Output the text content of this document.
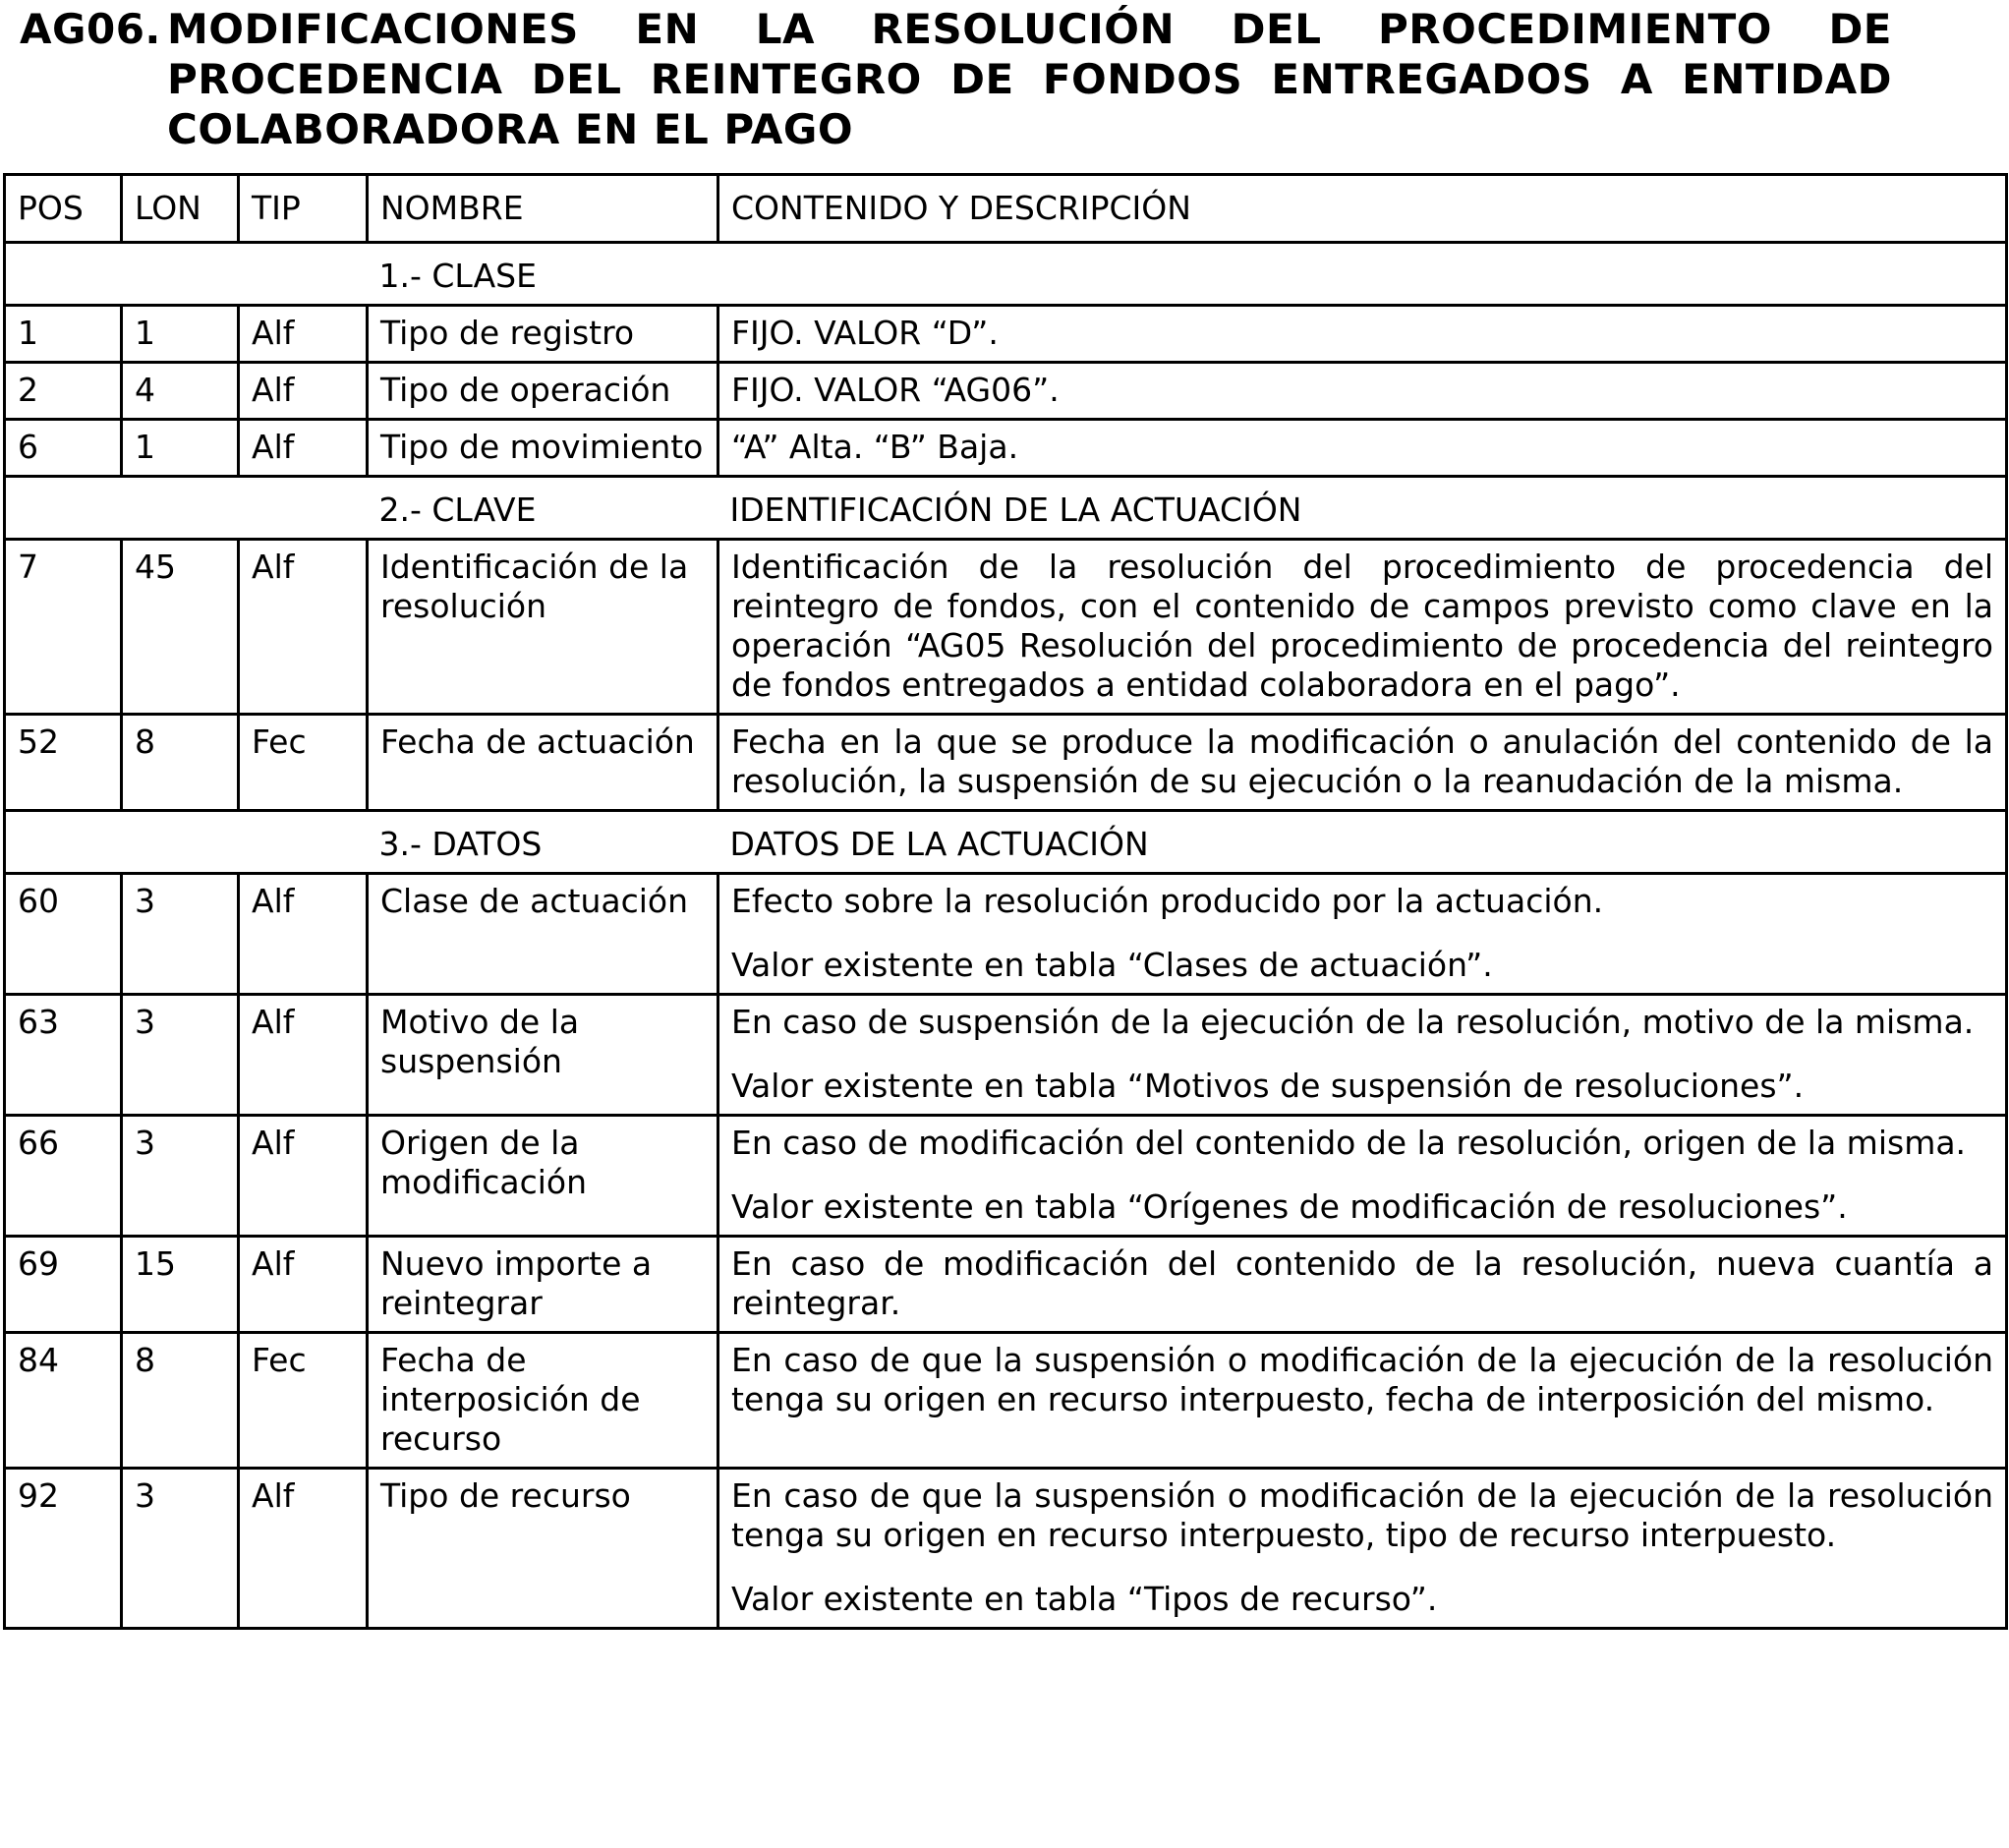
AG06. MODIFICACIONES EN LA RESOLUCIÓN DEL PROCEDIMIENTO DE
PROCEDENCIA DEL REINTEGRO DE FONDOS ENTREGADOS A ENTIDAD
COLABORADORA EN EL PAGO
POS	LON	TIP	NOMBRE	CONTENIDO Y DESCRIPCIÓN
			1.- CLASE	
1	1	Alf	Tipo de registro	FIJO. VALOR “D”.

2	4	Alf	Tipo de operación	FIJO. VALOR “AG06”.

6	1	Alf	Tipo de movimiento	“A” Alta. “B” Baja.

			2.- CLAVE	IDENTIFICACIÓN DE LA ACTUACIÓN
7	45	Alf	Identificación de la resolución	Identificación de la resolución del procedimiento de procedencia del reintegro de fondos, con el contenido de campos previsto como clave en la operación “AG05 Resolución del procedimiento de procedencia del reintegro de fondos entregados a entidad colaboradora en el pago”.

52	8	Fec	Fecha de actuación	Fecha en la que se produce la modificación o anulación del contenido de la resolución, la suspensión de su ejecución o la reanudación de la misma.

			3.- DATOS	DATOS DE LA ACTUACIÓN
60	3	Alf	Clase de actuación	Efecto sobre la resolución producido por la actuación.
Valor existente en tabla “Clases de actuación”.

63	3	Alf	Motivo de la suspensión	En caso de suspensión de la ejecución de la resolución, motivo de la misma.
Valor existente en tabla “Motivos de suspensión de resoluciones”.

66	3	Alf	Origen de la modificación	En caso de modificación del contenido de la resolución, origen de la misma.
Valor existente en tabla “Orígenes de modificación de resoluciones”.

69	15	Alf	Nuevo importe a reintegrar	En caso de modificación del contenido de la resolución, nueva cuantía a reintegrar.

84	8	Fec	Fecha de interposición de recurso	En caso de que la suspensión o modificación de la ejecución de la resolución tenga su origen en recurso interpuesto, fecha de interposición del mismo.

92	3	Alf	Tipo de recurso	En caso de que la suspensión o modificación de la ejecución de la resolución tenga su origen en recurso interpuesto, tipo de recurso interpuesto.
Valor existente en tabla “Tipos de recurso”.
